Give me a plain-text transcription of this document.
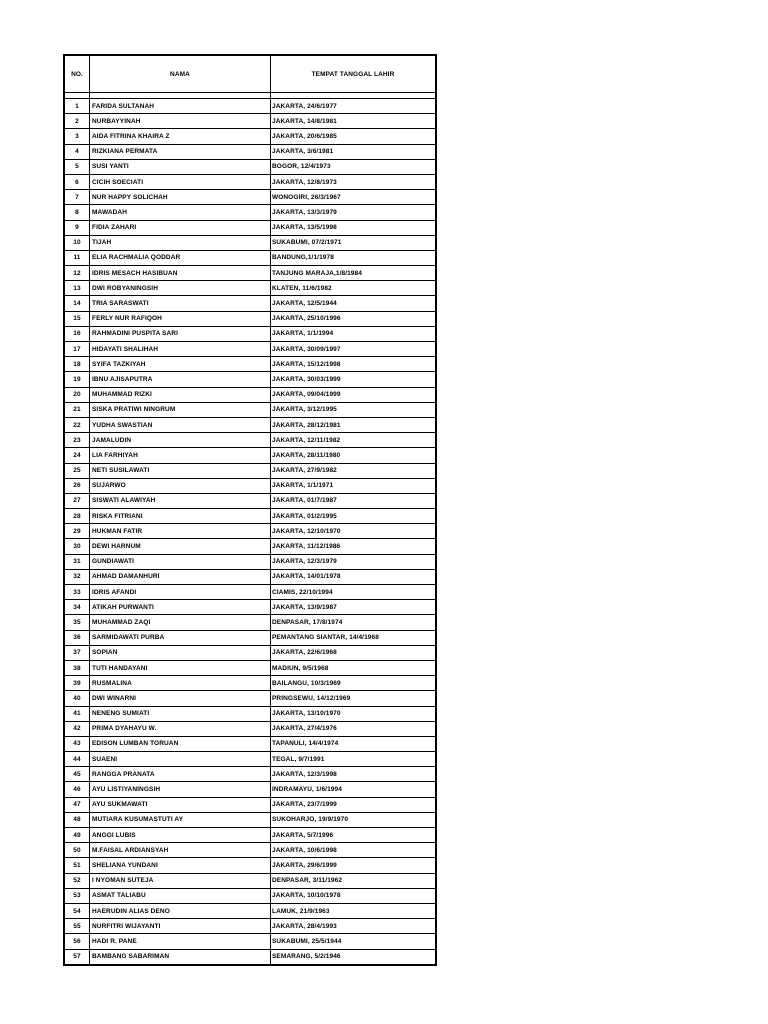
NO.	NAMA	TEMPAT TANGGAL LAHIR

1	FARIDA SULTANAH	JAKARTA, 24/6/1977
2	NURBAYYINAH	JAKARTA, 14/8/1981
3	AIDA FITRINA KHAIRA Z	JAKARTA, 20/6/1985
4	RIZKIANA PERMATA	JAKARTA, 3/6/1981
5	SUSI YANTI	BOGOR, 12/4/1973
6	CICIH SOECIATI	JAKARTA, 12/8/1973
7	NUR HAPPY SOLICHAH	WONOGIRI, 26/3/1967
8	MAWADAH	JAKARTA, 13/3/1979
9	FIDIA ZAHARI	JAKARTA, 13/5/1998
10	TIJAH	SUKABUMI, 07/2/1971
11	ELIA RACHMALIA QODDAR	BANDUNG,1/1/1978
12	IDRIS MESACH HASIBUAN	TANJUNG MARAJA,1/8/1984
13	DWI ROBYANINGSIH	KLATEN, 11/6/1982
14	TRIA SARASWATI	JAKARTA, 12/5/1944
15	FERLY NUR RAFIQOH	JAKARTA, 25/10/1996
16	RAHMADINI PUSPITA SARI	JAKARTA, 1/1/1994
17	HIDAYATI SHALIHAH	JAKARTA, 30/09/1997
18	SYIFA TAZKIYAH	JAKARTA, 15/12/1998
19	IBNU AJISAPUTRA	JAKARTA, 30/03/1999
20	MUHAMMAD RIZKI	JAKARTA, 09/04/1999
21	SISKA PRATIWI NINGRUM	JAKARTA, 3/12/1995
22	YUDHA SWASTIAN	JAKARTA, 28/12/1981
23	JAMALUDIN	JAKARTA, 12/11/1982
24	LIA FARHIYAH	JAKARTA, 28/11/1980
25	NETI SUSILAWATI	JAKARTA, 27/9/1982
26	SUJARWO	JAKARTA, 1/1/1971
27	SISWATI ALAWIYAH	JAKARTA, 01/7/1987
28	RISKA FITRIANI	JAKARTA, 01/2/1995
29	HUKMAN FATIR	JAKARTA, 12/10/1970
30	DEWI HARNUM	JAKARTA, 11/12/1986
31	GUNDIAWATI	JAKARTA, 12/3/1979
32	AHMAD DAMANHURI	JAKARTA, 14/01/1978
33	IDRIS AFANDI	CIAMIS, 22/10/1994
34	ATIKAH PURWANTI	JAKARTA, 13/9/1987
35	MUHAMMAD ZAQI	DENPASAR, 17/8/1974
36	SARMIDAWATI PURBA	PEMANTANG SIANTAR, 14/4/1968
37	SOPIAN	JAKARTA, 22/6/1968
38	TUTI HANDAYANI	MADIUN, 9/5/1968
39	RUSMALINA	BAILANGU, 10/3/1969
40	DWI WINARNI	PRINGSEWU, 14/12/1969
41	NENENG SUMIATI	JAKARTA, 13/10/1970
42	PRIMA DYAHAYU W.	JAKARTA, 27/4/1976
43	EDISON LUMBAN TORUAN	TAPANULI, 14/4/1974
44	SUAENI	TEGAL, 9/7/1991
45	RANGGA PRANATA	JAKARTA, 12/3/1998
46	AYU LISTIYANINGSIH	INDRAMAYU, 1/6/1994
47	AYU SUKMAWATI	JAKARTA, 23/7/1999
48	MUTIARA KUSUMASTUTI AY	SUKOHARJO, 19/9/1970
49	ANGGI LUBIS	JAKARTA, 5/7/1996
50	M.FAISAL ARDIANSYAH	JAKARTA, 10/6/1998
51	SHELIANA YUNDANI	JAKARTA, 29/6/1999
52	I NYOMAN SUTEJA	DENPASAR, 3/11/1962
53	ASMAT TALIABU	JAKARTA, 10/10/1978
54	HAERUDIN ALIAS DENO	LAMUK, 21/9/1963
55	NURFITRI WIJAYANTI	JAKARTA, 28/4/1993
56	HADI R. PANE	SUKABUMI, 25/5/1944
57	BAMBANG SABARIMAN	SEMARANG, 5/2/1946
